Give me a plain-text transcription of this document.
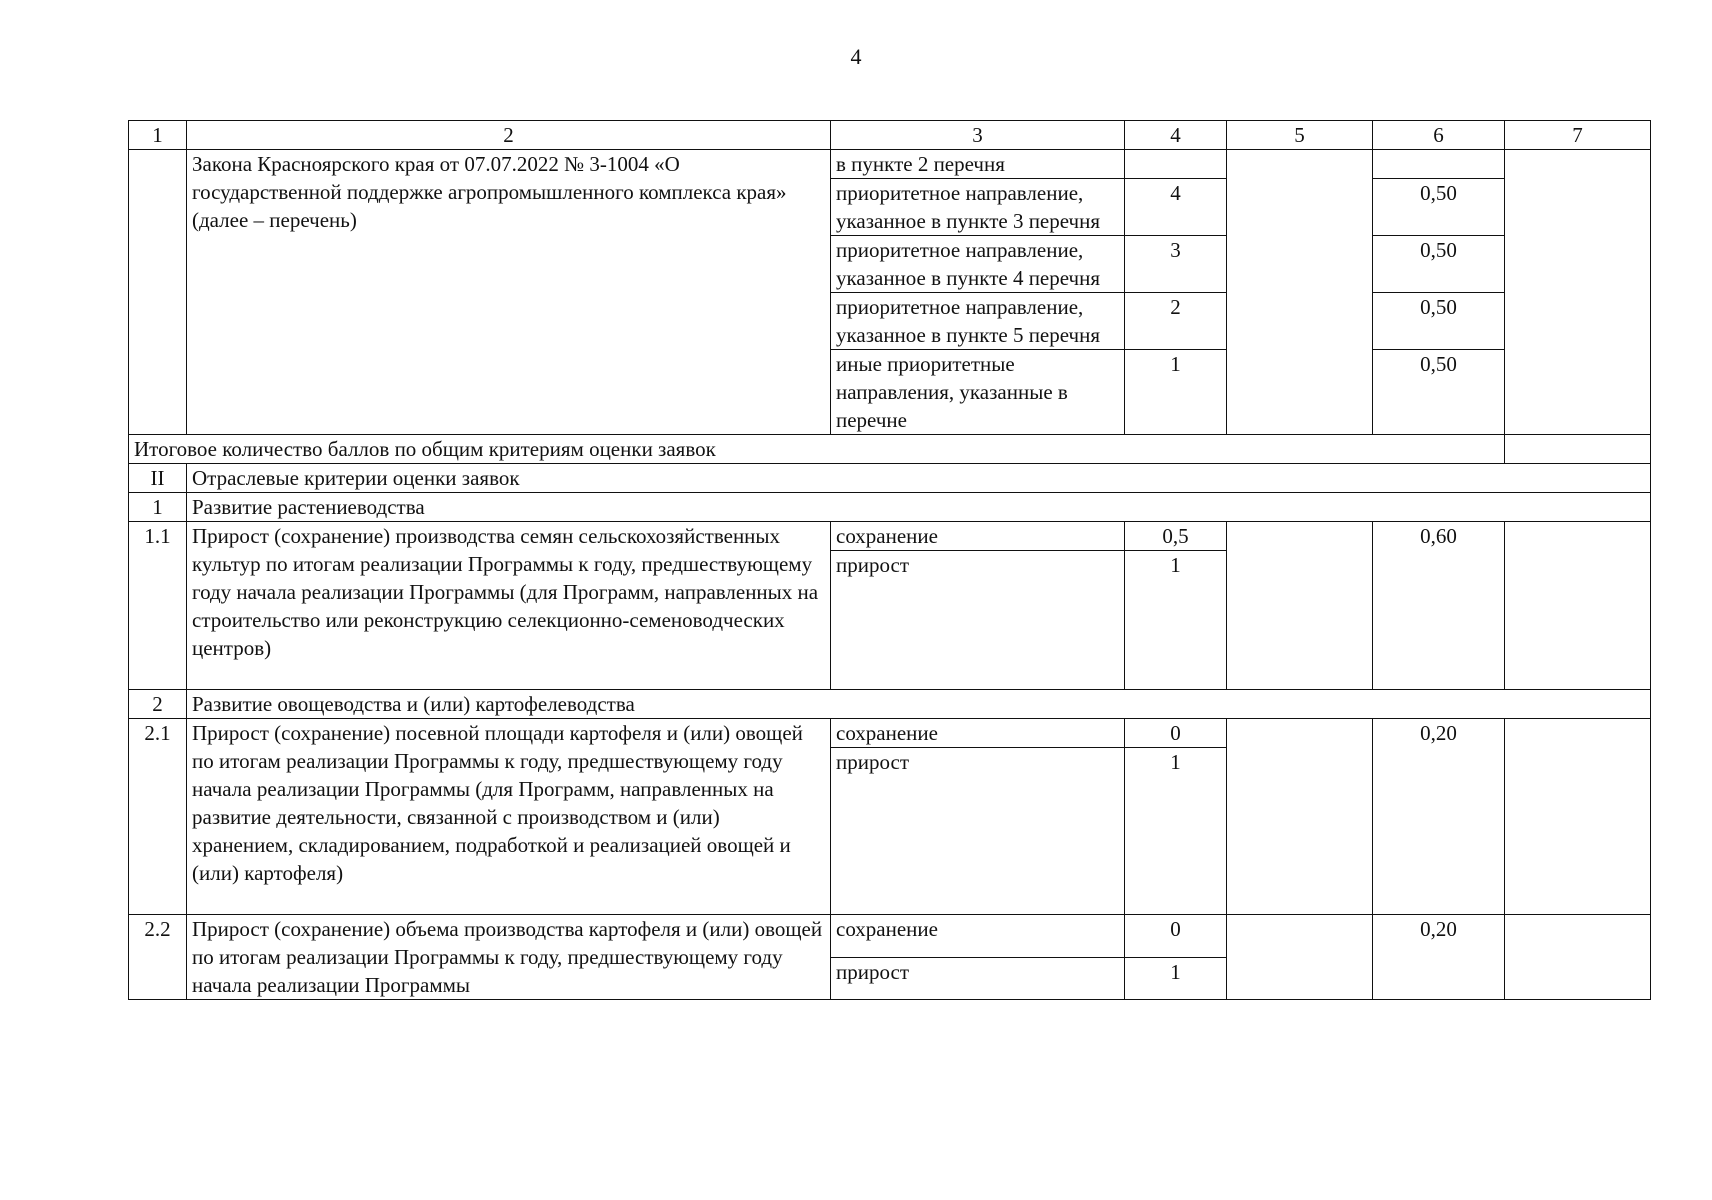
4
1	2	3	4	5	6	7
	Закона Красноярского края от 07.07.2022 № 3-1004 «О государственной поддержке агропромышленного комплекса края» (далее – перечень)	в пункте 2 перечня				
		приоритетное направление, указанное в пункте 3 перечня	4		0,50	
		приоритетное направление, указанное в пункте 4 перечня	3		0,50	
		приоритетное направление, указанное в пункте 5 перечня	2		0,50	
		иные приоритетные направления, указанные в перечне	1		0,50	
Итоговое количество баллов по общим критериям оценки заявок						
II	Отраслевые критерии оценки заявок					
1	Развитие растениеводства					
1.1	Прирост (сохранение) производства семян сельскохозяйственных культур по итогам реализации Программы к году, предшествующему году начала реализации Программы (для Программ, направленных на строительство или реконструкцию селекционно-семеноводческих центров)	сохранение	0,5		0,60	
		прирост	1			
2	Развитие овощеводства и (или) картофелеводства					
2.1	Прирост (сохранение) посевной площади картофеля и (или) овощей по итогам реализации Программы к году, предшествующему году начала реализации Программы (для Программ, направленных на развитие деятельности, связанной с производством и (или) хранением, складированием, подработкой и реализацией овощей и (или) картофеля)	сохранение	0		0,20	
		прирост	1			
2.2	Прирост (сохранение) объема производства картофеля и (или) овощей по итогам реализации Программы к году, предшествующему году начала реализации Программы	сохранение	0		0,20	
		прирост	1			
